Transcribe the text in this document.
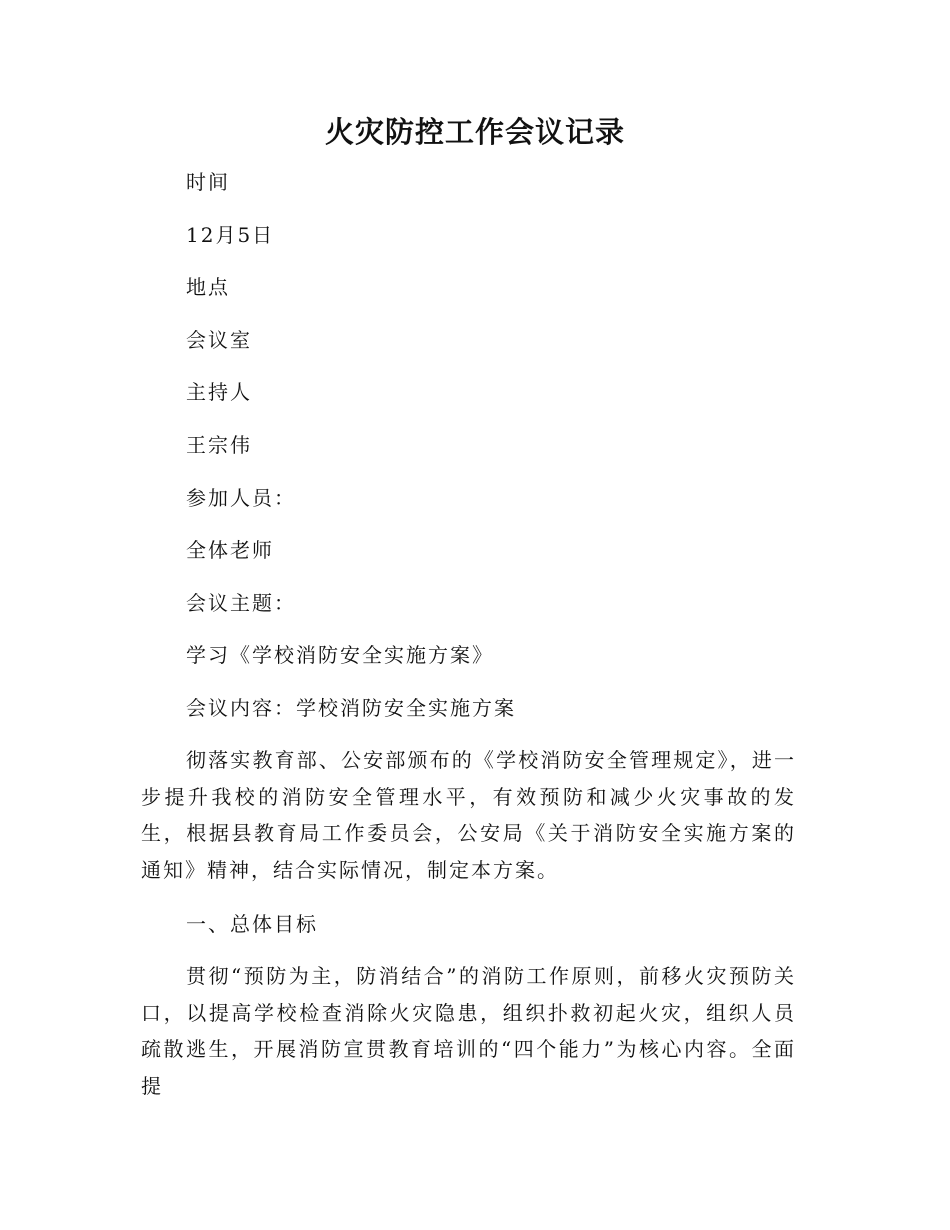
火灾防控工作会议记录
时间
12月5日
地点
会议室
主持人
王宗伟
参加人员：
全体老师
会议主题：
学习《学校消防安全实施方案》
会议内容：学校消防安全实施方案
彻落实教育部、公安部颁布的《学校消防安全管理规定》，进一步提升我校的消防安全管理水平，有效预防和减少火灾事故的发生，根据县教育局工作委员会，公安局《关于消防安全实施方案的通知》精神，结合实际情况，制定本方案。
一、总体目标
贯彻“预防为主，防消结合”的消防工作原则，前移火灾预防关口，以提高学校检查消除火灾隐患，组织扑救初起火灾，组织人员疏散逃生，开展消防宣贯教育培训的“四个能力”为核心内容。全面提
